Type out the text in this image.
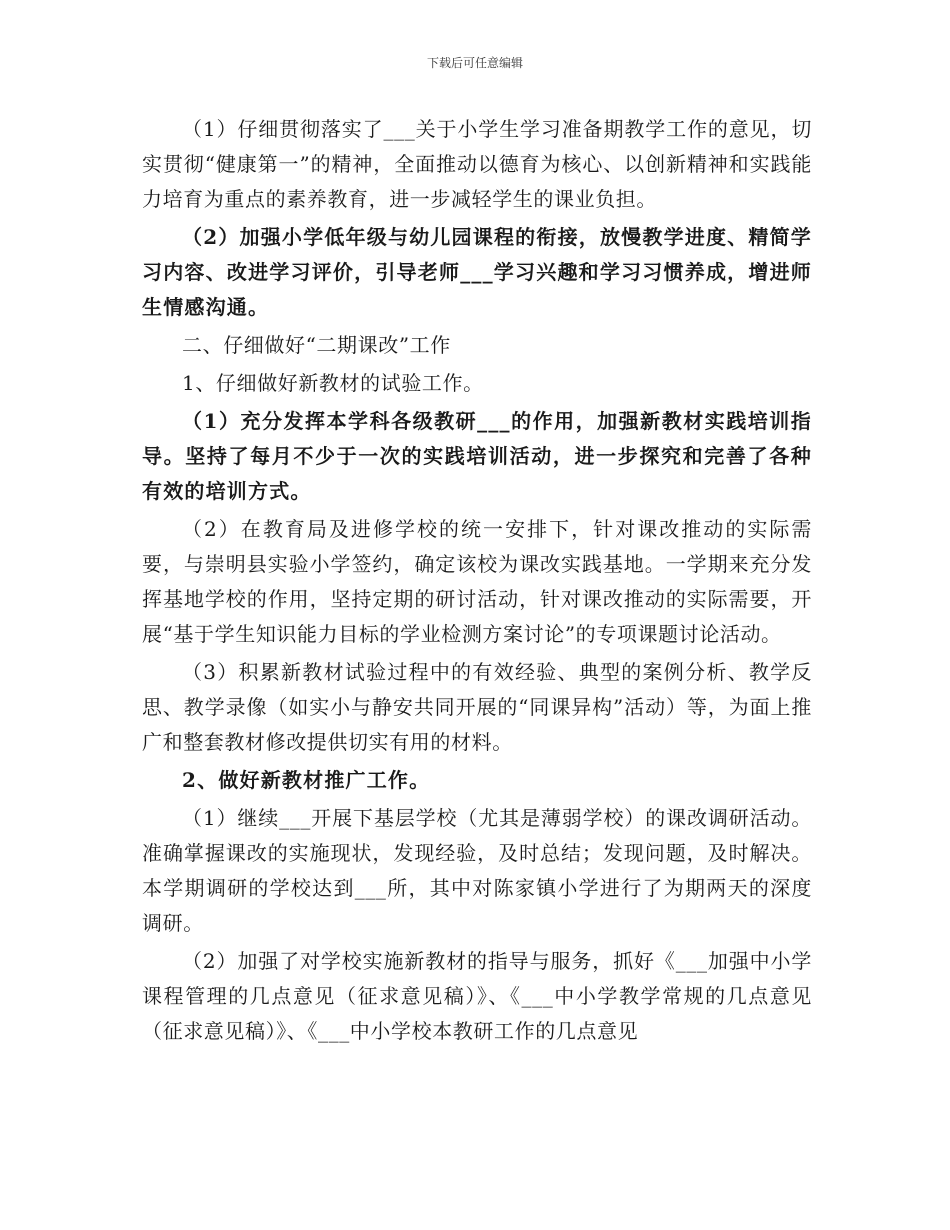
下载后可任意编辑

（1）仔细贯彻落实了___关于小学生学习准备期教学工作的意见，切实贯彻“健康第一”的精神，全面推动以德育为核心、以创新精神和实践能力培育为重点的素养教育，进一步减轻学生的课业负担。

（2）加强小学低年级与幼儿园课程的衔接，放慢教学进度、精简学习内容、改进学习评价，引导老师___学习兴趣和学习习惯养成，增进师生情感沟通。

二、仔细做好“二期课改”工作

1、仔细做好新教材的试验工作。

（1）充分发挥本学科各级教研___的作用，加强新教材实践培训指导。坚持了每月不少于一次的实践培训活动，进一步探究和完善了各种有效的培训方式。

（2）在教育局及进修学校的统一安排下，针对课改推动的实际需要，与崇明县实验小学签约，确定该校为课改实践基地。一学期来充分发挥基地学校的作用，坚持定期的研讨活动，针对课改推动的实际需要，开展“基于学生知识能力目标的学业检测方案讨论”的专项课题讨论活动。

（3）积累新教材试验过程中的有效经验、典型的案例分析、教学反思、教学录像（如实小与静安共同开展的“同课异构”活动）等，为面上推广和整套教材修改提供切实有用的材料。

2、做好新教材推广工作。

（1）继续___开展下基层学校（尤其是薄弱学校）的课改调研活动。准确掌握课改的实施现状，发现经验，及时总结；发现问题，及时解决。本学期调研的学校达到___所，其中对陈家镇小学进行了为期两天的深度调研。

（2）加强了对学校实施新教材的指导与服务，抓好《___加强中小学课程管理的几点意见（征求意见稿）》、《___中小学教学常规的几点意见（征求意见稿）》、《___中小学校本教研工作的几点意见
